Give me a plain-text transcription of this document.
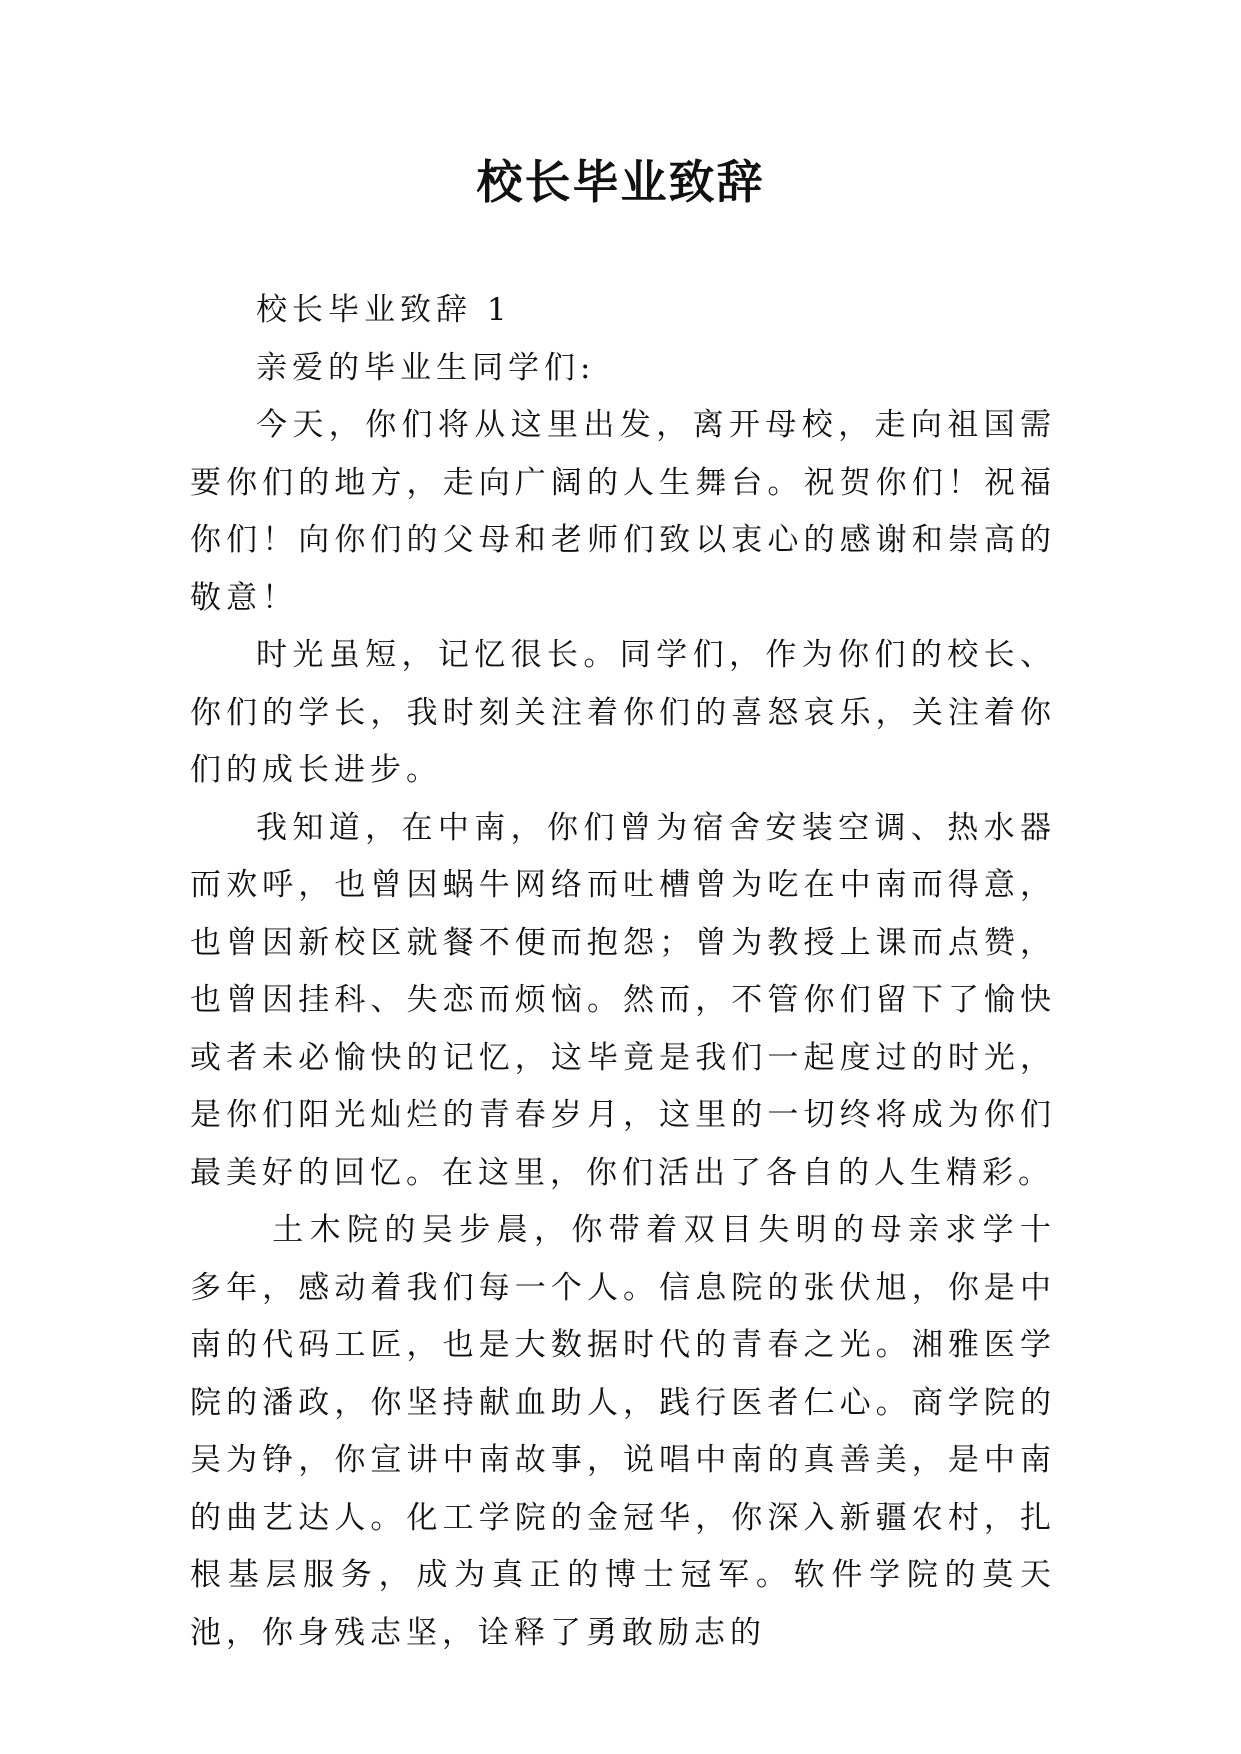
校长毕业致辞

校长毕业致辞 1

亲爱的毕业生同学们:

今天，你们将从这里出发，离开母校，走向祖国需要你们的地方，走向广阔的人生舞台。祝贺你们！祝福你们！向你们的父母和老师们致以衷心的感谢和崇高的敬意！

时光虽短，记忆很长。同学们，作为你们的校长、你们的学长，我时刻关注着你们的喜怒哀乐，关注着你们的成长进步。

我知道，在中南，你们曾为宿舍安装空调、热水器而欢呼，也曾因蜗牛网络而吐槽曾为吃在中南而得意，也曾因新校区就餐不便而抱怨；曾为教授上课而点赞，也曾因挂科、失恋而烦恼。然而，不管你们留下了愉快或者未必愉快的记忆，这毕竟是我们一起度过的时光，是你们阳光灿烂的青春岁月，这里的一切终将成为你们最美好的回忆。在这里，你们活出了各自的人生精彩。

土木院的吴步晨，你带着双目失明的母亲求学十多年，感动着我们每一个人。信息院的张伏旭，你是中南的代码工匠，也是大数据时代的青春之光。湘雅医学院的潘政，你坚持献血助人，践行医者仁心。商学院的吴为铮，你宣讲中南故事，说唱中南的真善美，是中南的曲艺达人。化工学院的金冠华，你深入新疆农村，扎根基层服务，成为真正的博士冠军。软件学院的莫天池，你身残志坚，诠释了勇敢励志的
